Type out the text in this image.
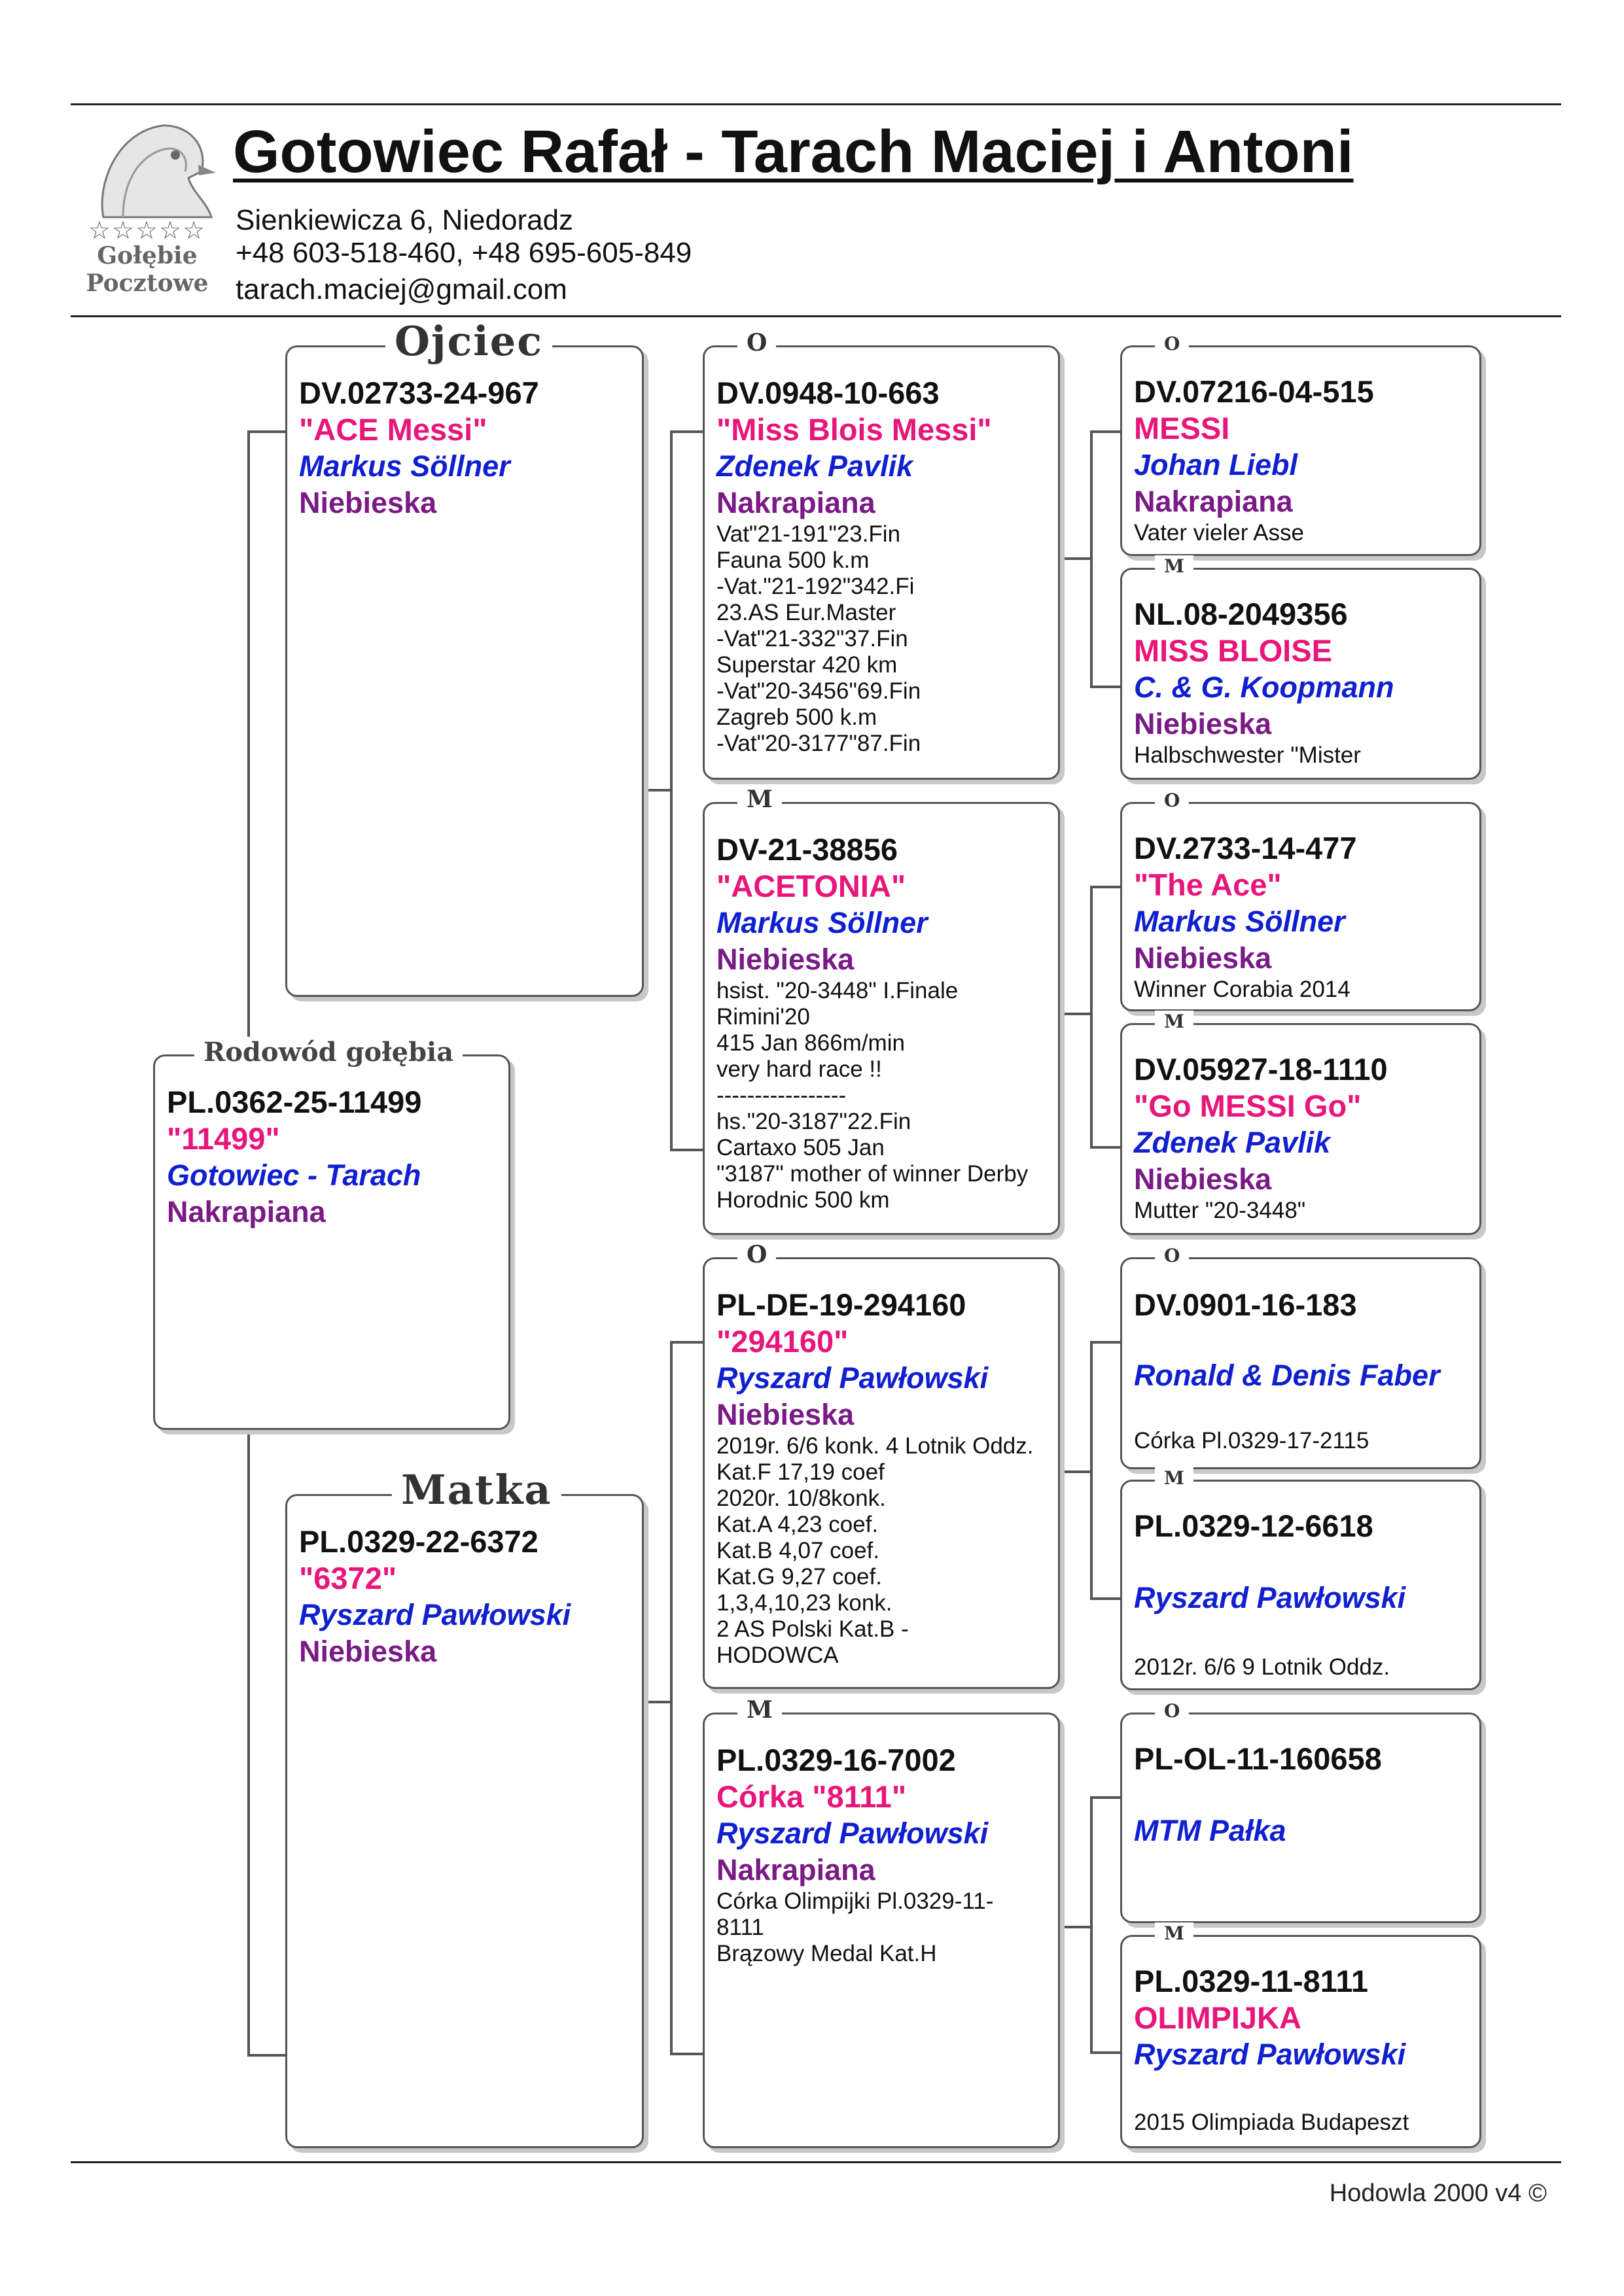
☆☆☆☆☆
Gołębie
Pocztowe
Gotowiec Rafał - Tarach Maciej i Antoni
Sienkiewicza 6, Niedoradz
+48 603-518-460, +48 695-605-849
tarach.maciej@gmail.com
Rodowód gołębia
PL.0362-25-11499
"11499"
Gotowiec - Tarach
Nakrapiana
Ojciec
DV.02733-24-967
"ACE Messi"
Markus Söllner
Niebieska
Matka
PL.0329-22-6372
"6372"
Ryszard Pawłowski
Niebieska
O
DV.0948-10-663
"Miss Blois Messi"
Zdenek Pavlik
Nakrapiana
Vat"21-191"23.Fin
Fauna 500 k.m
-Vat."21-192"342.Fi
23.AS Eur.Master
-Vat"21-332"37.Fin
Superstar 420 km
-Vat"20-3456"69.Fin
Zagreb 500 k.m
-Vat"20-3177"87.Fin
M
DV-21-38856
"ACETONIA"
Markus Söllner
Niebieska
hsist. "20-3448" I.Finale
Rimini'20
415 Jan 866m/min
very hard race !!
-----------------
hs."20-3187"22.Fin
Cartaxo 505 Jan
"3187" mother of winner Derby
Horodnic 500 km
O
PL-DE-19-294160
"294160"
Ryszard Pawłowski
Niebieska
2019r. 6/6 konk. 4 Lotnik Oddz.
Kat.F 17,19 coef
2020r. 10/8konk.
Kat.A 4,23 coef.
Kat.B 4,07 coef.
Kat.G 9,27 coef.
1,3,4,10,23 konk.
2 AS Polski Kat.B -
HODOWCA
M
PL.0329-16-7002
Córka "8111"
Ryszard Pawłowski
Nakrapiana
Córka Olimpijki Pl.0329-11-
8111
Brązowy Medal Kat.H
O
DV.07216-04-515
MESSI
Johan Liebl
Nakrapiana
Vater vieler Asse
M
NL.08-2049356
MISS BLOISE
C. & G. Koopmann
Niebieska
Halbschwester "Mister
O
DV.2733-14-477
"The Ace"
Markus Söllner
Niebieska
Winner Corabia 2014
M
DV.05927-18-1110
"Go MESSI Go"
Zdenek Pavlik
Niebieska
Mutter "20-3448"
O
DV.0901-16-183
Ronald & Denis Faber
Córka Pl.0329-17-2115
M
PL.0329-12-6618
Ryszard Pawłowski
2012r. 6/6 9 Lotnik Oddz.
O
PL-OL-11-160658
MTM Pałka
M
PL.0329-11-8111
OLIMPIJKA
Ryszard Pawłowski
2015 Olimpiada Budapeszt
Hodowla 2000 v4 ©
